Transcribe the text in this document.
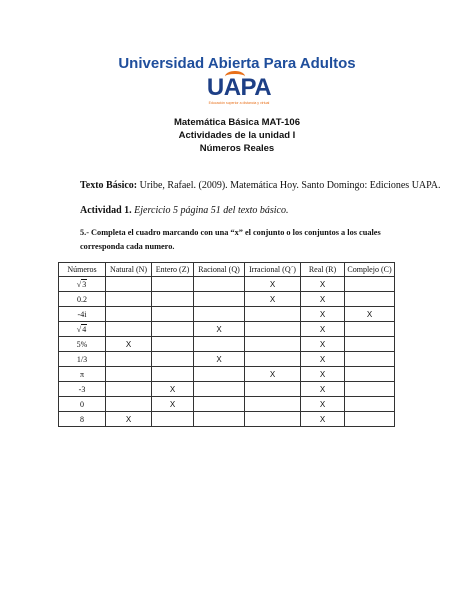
Universidad Abierta Para Adultos
UAPA
Educación superior a distancia y virtual
Matemática Básica MAT-106
Actividades de la unidad I
Números Reales
Texto Básico: Uribe, Rafael. (2009). Matemática Hoy. Santo Domingo: Ediciones UAPA.
Actividad 1. Ejercicio 5 página 51 del texto básico.
5.- Completa el cuadro marcando con una “x” el conjunto o los conjuntos a los cuales corresponda cada numero.
Números	Natural (N)	Entero (Z)	Racional (Q)	Irracional (Q´)	Real (R)	Complejo (C)
√3				X	X	
0.2				X	X	
-4i					X	X
√4			X		X	
5%	X				X	
1/3			X		X	
π				X	X	
-3		X			X	
0		X			X	
8	X				X	
